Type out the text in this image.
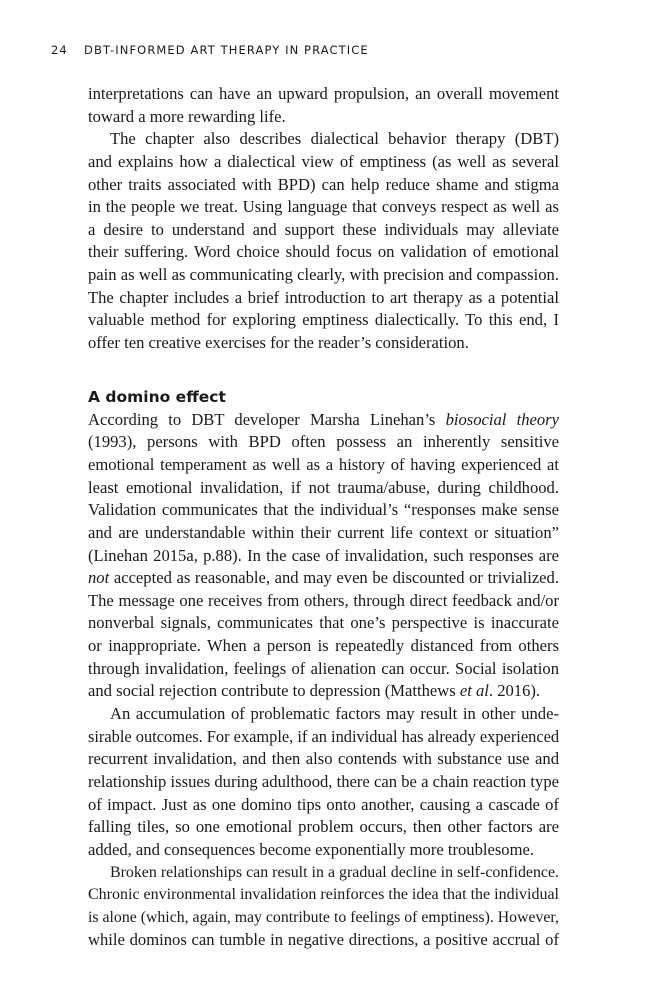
24 DBT-INFORMED ART THERAPY IN PRACTICE
interpretations can have an upward propulsion, an overall movement
toward a more rewarding life.
The chapter also describes dialectical behavior therapy (DBT)
and explains how a dialectical view of emptiness (as well as several
other traits associated with BPD) can help reduce shame and stigma
in the people we treat. Using language that conveys respect as well as
a desire to understand and support these individuals may alleviate
their suffering. Word choice should focus on validation of emotional
pain as well as communicating clearly, with precision and compassion.
The chapter includes a brief introduction to art therapy as a potential
valuable method for exploring emptiness dialectically. To this end, I
offer ten creative exercises for the reader’s consideration.
A domino effect
According to DBT developer Marsha Linehan’s biosocial theory
(1993), persons with BPD often possess an inherently sensitive
emotional temperament as well as a history of having experienced at
least emotional invalidation, if not trauma/abuse, during childhood.
Validation communicates that the individual’s “responses make sense
and are understandable within their current life context or situation”
(Linehan 2015a, p.88). In the case of invalidation, such responses are
not accepted as reasonable, and may even be discounted or trivialized.
The message one receives from others, through direct feedback and/or
nonverbal signals, communicates that one’s perspective is inaccurate
or inappropriate. When a person is repeatedly distanced from others
through invalidation, feelings of alienation can occur. Social isolation
and social rejection contribute to depression (Matthews et al. 2016).
An accumulation of problematic factors may result in other unde-
sirable outcomes. For example, if an individual has already experienced
recurrent invalidation, and then also contends with substance use and
relationship issues during adulthood, there can be a chain reaction type
of impact. Just as one domino tips onto another, causing a cascade of
falling tiles, so one emotional problem occurs, then other factors are
added, and consequences become exponentially more troublesome.
Broken relationships can result in a gradual decline in self-confidence.
Chronic environmental invalidation reinforces the idea that the individual
is alone (which, again, may contribute to feelings of emptiness). However,
while dominos can tumble in negative directions, a positive accrual of
